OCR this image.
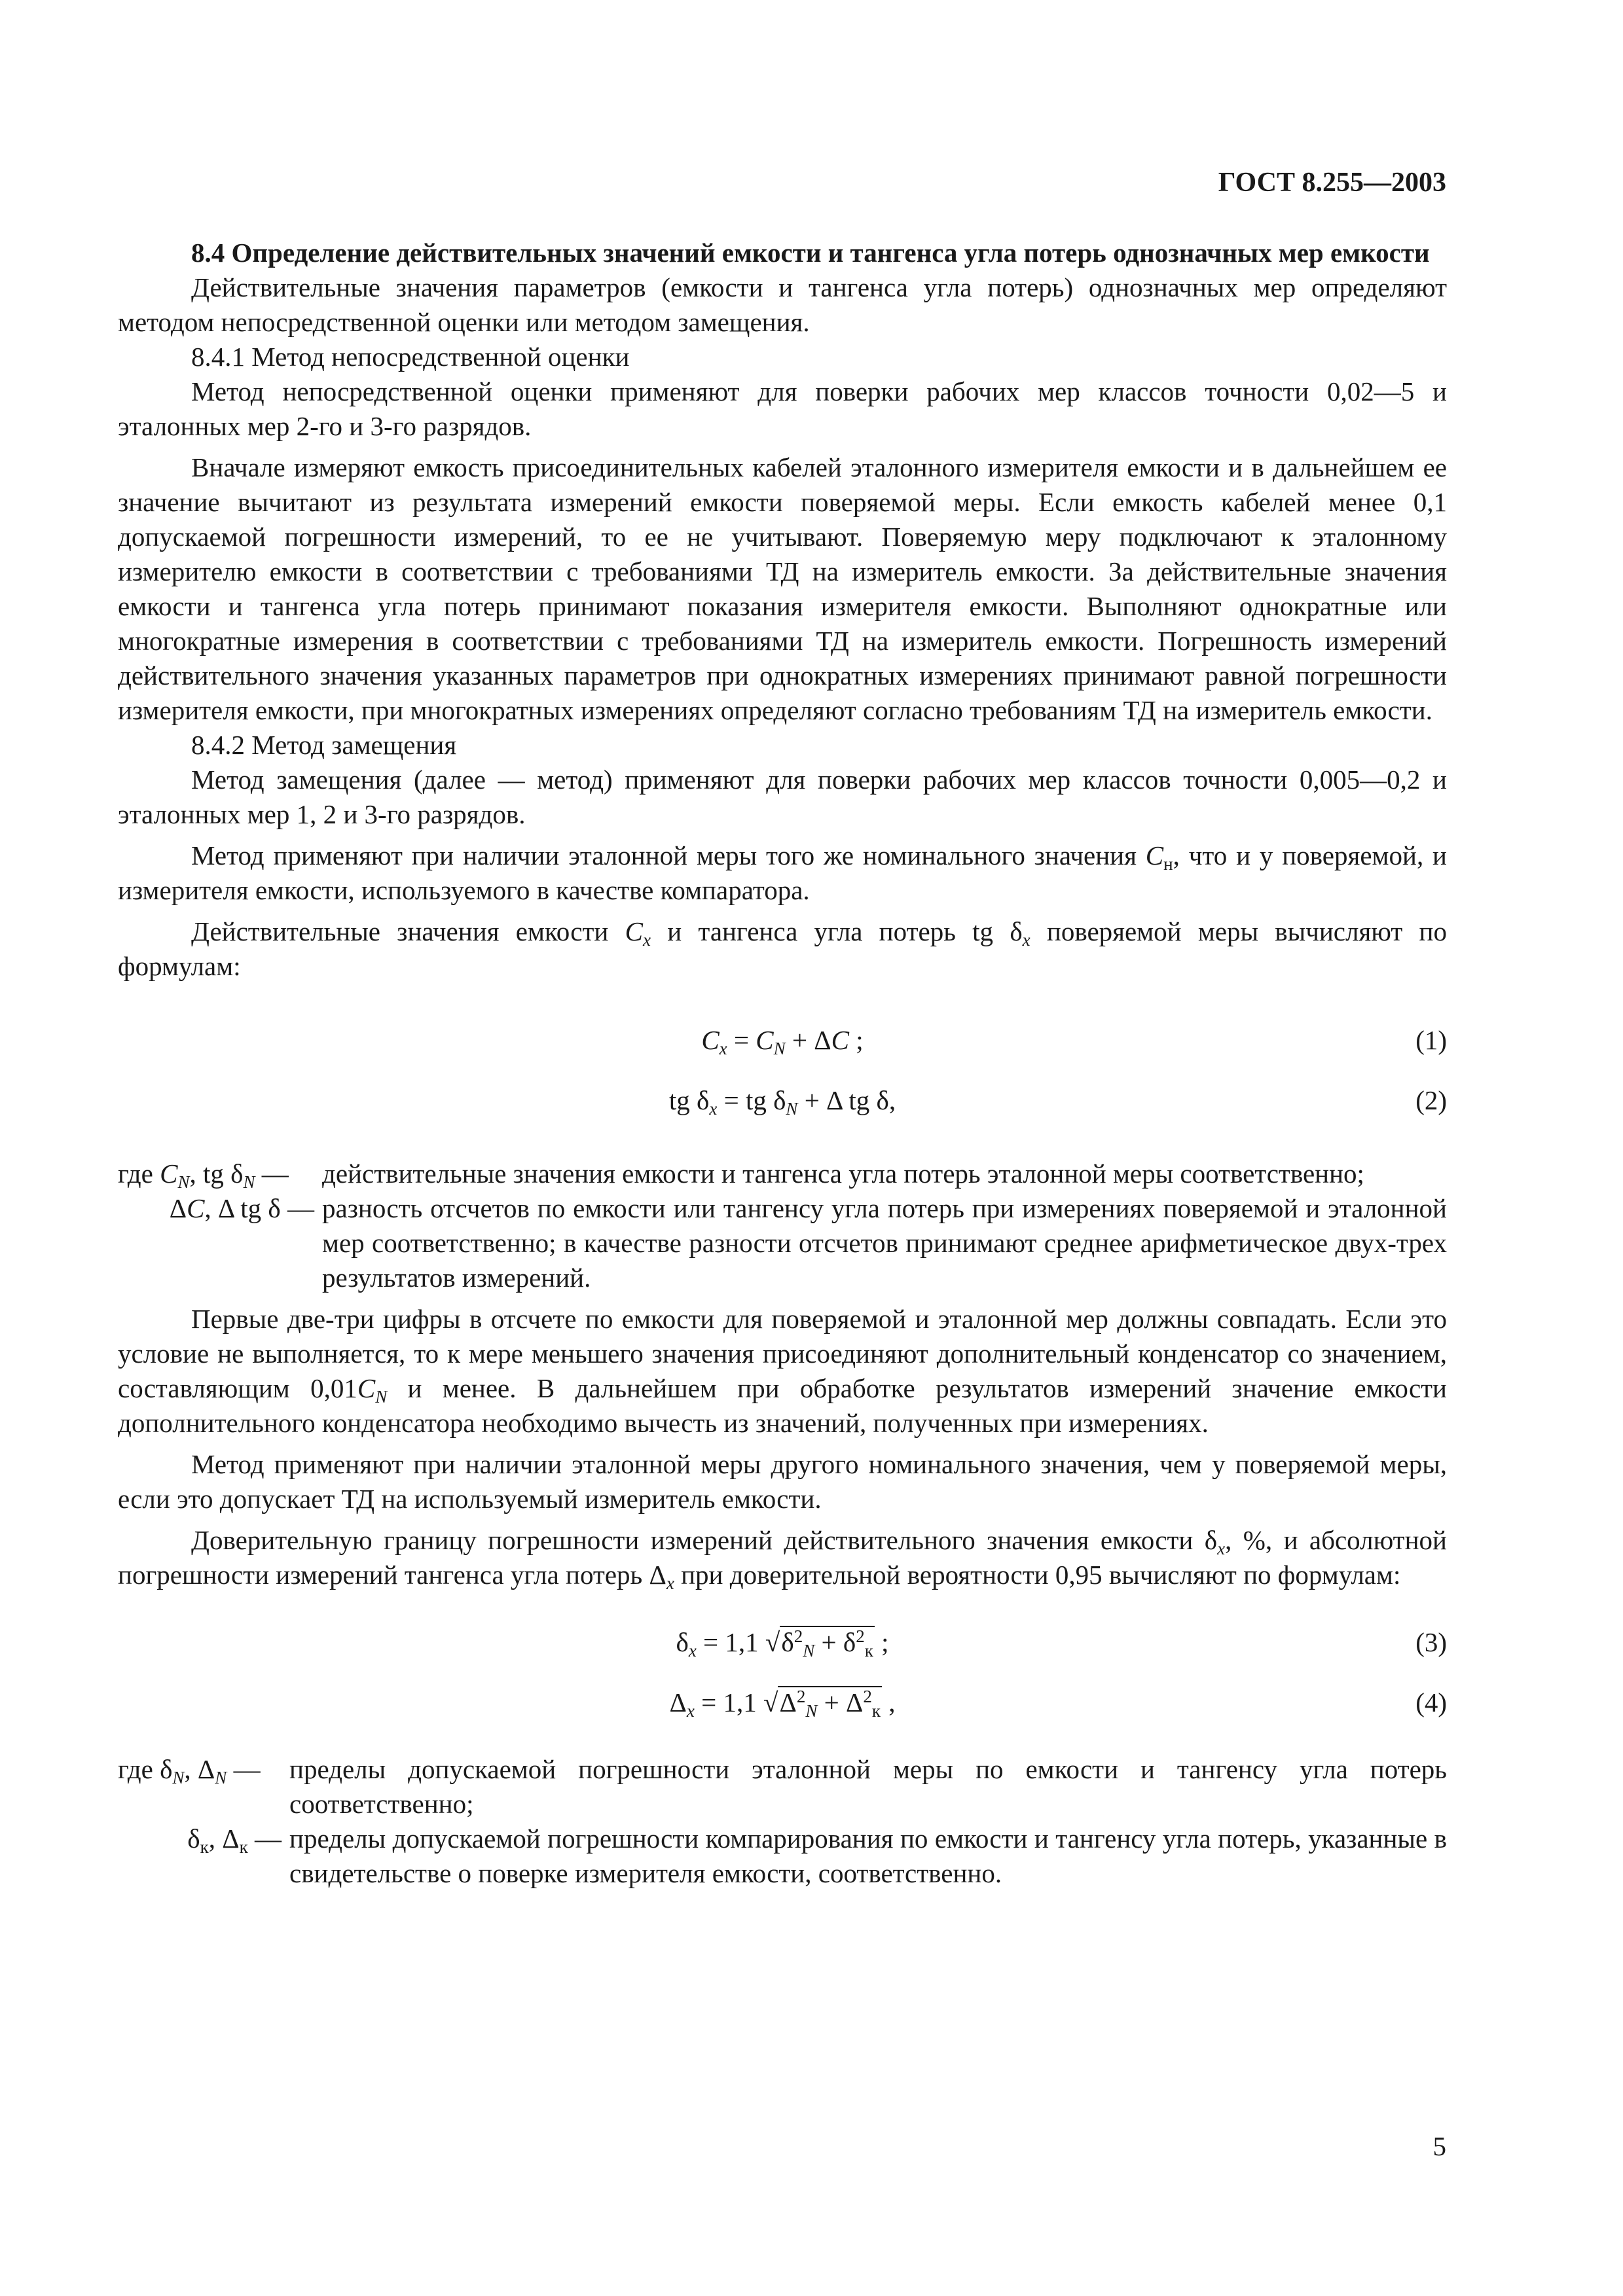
ГОСТ 8.255—2003

8.4 Определение действительных значений емкости и тангенса угла потерь однозначных мер емкости

Действительные значения параметров (емкости и тангенса угла потерь) однозначных мер определяют методом непосредственной оценки или методом замещения.

8.4.1 Метод непосредственной оценки

Метод непосредственной оценки применяют для поверки рабочих мер классов точности 0,02—5 и эталонных мер 2-го и 3-го разрядов.

Вначале измеряют емкость присоединительных кабелей эталонного измерителя емкости и в дальнейшем ее значение вычитают из результата измерений емкости поверяемой меры. Если емкость кабелей менее 0,1 допускаемой погрешности измерений, то ее не учитывают. Поверяемую меру подключают к эталонному измерителю емкости в соответствии с требованиями ТД на измеритель емкости. За действительные значения емкости и тангенса угла потерь принимают показания измерителя емкости. Выполняют однократные или многократные измерения в соответствии с требованиями ТД на измеритель емкости. Погрешность измерений действительного значения указанных параметров при однократных измерениях принимают равной погрешности измерителя емкости, при многократных измерениях определяют согласно требованиям ТД на измеритель емкости.

8.4.2 Метод замещения

Метод замещения (далее — метод) применяют для поверки рабочих мер классов точности 0,005—0,2 и эталонных мер 1, 2 и 3-го разрядов.

Метод применяют при наличии эталонной меры того же номинального значения $C_н$, что и у поверяемой, и измерителя емкости, используемого в качестве компаратора.

Действительные значения емкости $C_x$ и тангенса угла потерь tg $\delta_x$ поверяемой меры вычисляют по формулам:

$C_x = C_N + \Delta C$ ;	(1)
tg $\delta_x$ = tg $\delta_N + \Delta$ tg δ,	(2)
где $C_N$, tg $\delta_N$ —	действительные значения емкости и тангенса угла потерь эталонной меры соответственно;
ΔC, Δ tg δ — разность отсчетов по емкости или тангенсу угла потерь при измерениях поверяемой и эталонной мер соответственно; в качестве разности отсчетов принимают среднее арифметическое двух-трех результатов измерений.

Первые две-три цифры в отсчете по емкости для поверяемой и эталонной мер должны совпадать. Если это условие не выполняется, то к мере меньшего значения присоединяют дополнительный конденсатор со значением, составляющим $0,01C_N$ и менее. В дальнейшем при обработке результатов измерений значение емкости дополнительного конденсатора необходимо вычесть из значений, полученных при измерениях.

Метод применяют при наличии эталонной меры другого номинального значения, чем у поверяемой меры, если это допускает ТД на используемый измеритель емкости.

Доверительную границу погрешности измерений действительного значения емкости $\delta_x$, %, и абсолютной погрешности измерений тангенса угла потерь $\Delta_x$ при доверительной вероятности 0,95 вычисляют по формулам:

$\delta_x = 1,1$ $√\delta^2_N + \delta^2_к$ ;	(3)
$\Delta_x = 1,1$ $√\Delta^2_N + \Delta^2_к$ ,	(4)
где $\delta_N$, $\Delta_N$ —	пределы допускаемой погрешности эталонной меры по емкости и тангенсу угла потерь соответственно;
$\delta_к$, $\Delta_к$ — пределы допускаемой погрешности компарирования по емкости и тангенсу угла потерь, указанные в свидетельстве о поверке измерителя емкости, соответственно.
5
